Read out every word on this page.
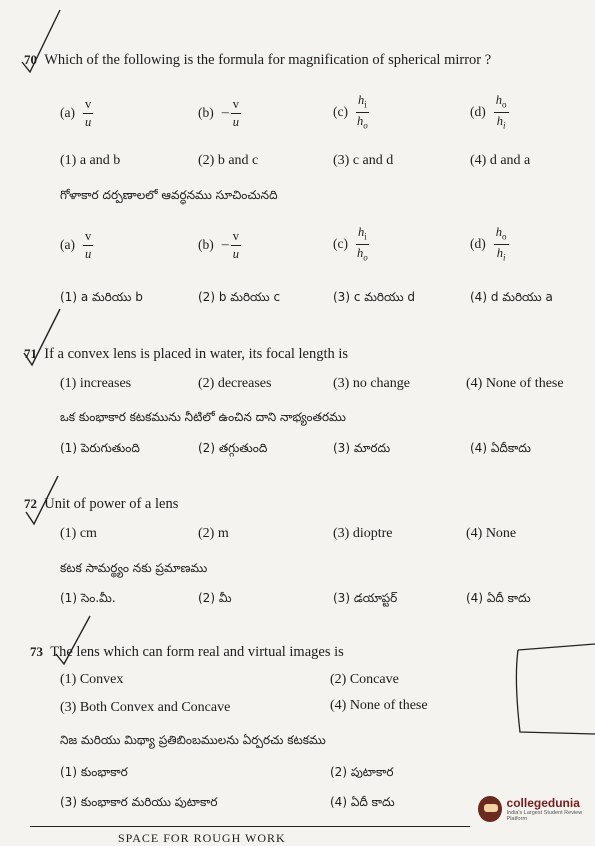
70 Which of the following is the formula for magnification of spherical mirror ?
$(a) \frac{v}{u}$	$(b) - \frac{v}{u}$	$(c) \frac{h_i}{h_o}$	$(d) \frac{h_o}{h_i}$
(1) a and b	(2) b and c	(3) c and d	(4) d and a
గోళాకార దర్పణాలలో ఆవర్ధనము సూచించునది
$(a) \frac{v}{u}$	$(b) - \frac{v}{u}$	$(c) \frac{h_i}{h_o}$	$(d) \frac{h_o}{h_i}$
(1) a మరియు b	(2) b మరియు c	(3) c మరియు d	(4) d మరియు a
71 If a convex lens is placed in water, its focal length is
(1) increases	(2) decreases	(3) no change	(4) None of these
ఒక కుంభాకార కటకమును నీటిలో ఉంచిన దాని నాభ్యంతరము
(1) పెరుగుతుంది	(2) తగ్గుతుంది	(3) మారదు	(4) ఏదీకాదు
72 Unit of power of a lens
(1) cm	(2) m	(3) dioptre	(4) None
కటక సామర్థ్యం నకు ప్రమాణము
(1) సెం.మీ.	(2) మీ	(3) డయాప్టర్	(4) ఏదీ కాదు
73 The lens which can form real and virtual images is
(1) Convex	(2) Concave
(3) Both Convex and Concave	(4) None of these
నిజ మరియు మిథ్యా ప్రతిబింబములను ఏర్పరచు కటకము
(1) కుంభాకార	(2) పుటాకార
(3) కుంభాకార మరియు పుటాకార	(4) ఏదీ కాదు
SPACE FOR ROUGH WORK
collegedunia
India's Largest Student Review Platform
